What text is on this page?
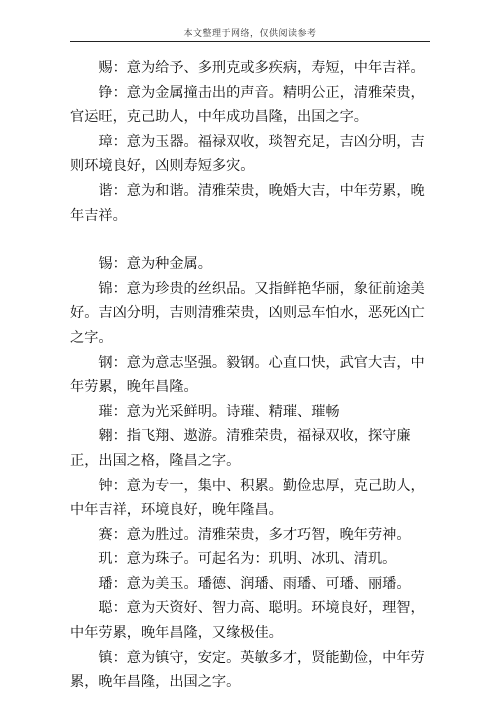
本文整理于网络，仅供阅读参考

赐：意为给予、多刑克或多疾病，寿短，中年吉祥。

铮：意为金属撞击出的声音。精明公正，清雅荣贵，官运旺，克己助人，中年成功昌隆，出国之字。

璋：意为玉器。福禄双收，琰智充足，吉凶分明，吉则环境良好，凶则寿短多灾。

谐：意为和谐。清雅荣贵，晚婚大吉，中年劳累，晚年吉祥。

锡：意为种金属。

锦：意为珍贵的丝织品。又指鲜艳华丽，象征前途美好。吉凶分明，吉则清雅荣贵，凶则忌车怕水，恶死凶亡之字。

钢：意为意志坚强。毅钢。心直口快，武官大吉，中年劳累，晚年昌隆。

璀：意为光采鲜明。诗璀、精璀、璀畅

翱：指飞翔、遨游。清雅荣贵，福禄双收，探守廉正，出国之格，隆昌之字。

钟：意为专一，集中、积累。勤俭忠厚，克己助人，中年吉祥，环境良好，晚年隆昌。

赛：意为胜过。清雅荣贵，多才巧智，晚年劳神。

玑：意为珠子。可起名为：玑明、冰玑、清玑。

璠：意为美玉。璠德、润璠、雨璠、可璠、丽璠。

聪：意为天资好、智力高、聪明。环境良好，理智，中年劳累，晚年昌隆，又缘极佳。

镇：意为镇守，安定。英敏多才，贤能勤俭，中年劳累，晚年昌隆，出国之字。
